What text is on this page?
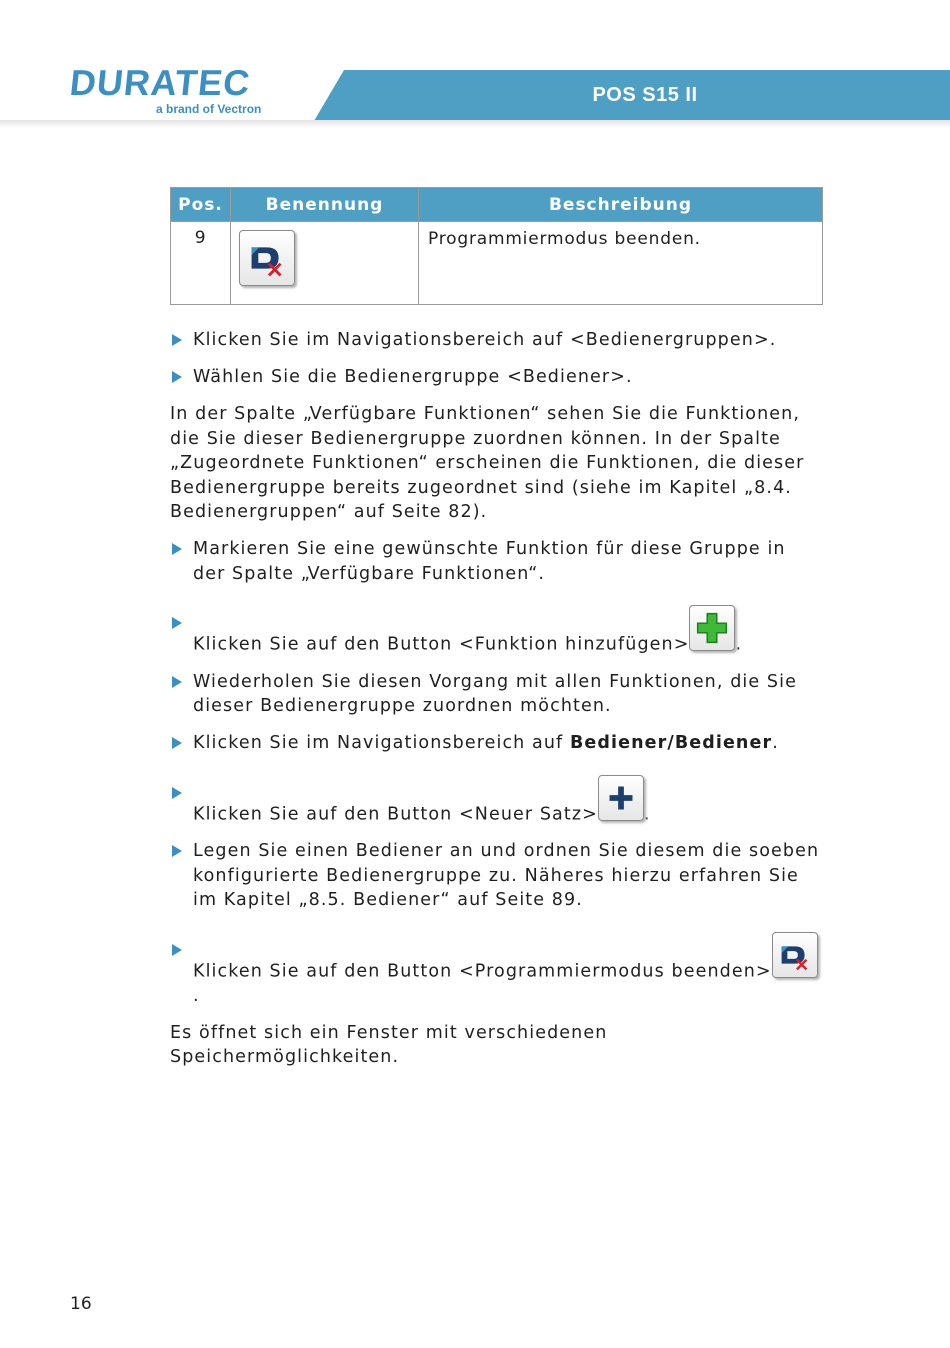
DURATEC
a brand of Vectron
POS S15 II
Pos.	Benennung	Beschreibung
9		Programmiermodus beenden.
Klicken Sie im Navigationsbereich auf <Bedienergruppen>.
Wählen Sie die Bedienergruppe <Bediener>.

In der Spalte „Verfügbare Funktionen“ sehen Sie die Funktionen, die Sie dieser Bedienergruppe zuordnen können. In der Spalte „Zugeordnete Funktionen“ erscheinen die Funktionen, die dieser Bedienergruppe bereits zugeordnet sind (siehe im Kapitel „8.4. Bedienergruppen“ auf Seite 82).

Markieren Sie eine gewünschte Funktion für diese Gruppe in der Spalte „Verfügbare Funktionen“.
Klicken Sie auf den Button <Funktion hinzufügen>	.
Wiederholen Sie diesen Vorgang mit allen Funktionen, die Sie dieser Bedienergruppe zuordnen möchten.
Klicken Sie im Navigationsbereich auf Bediener/Bediener.
Klicken Sie auf den Button <Neuer Satz>	.
Legen Sie einen Bediener an und ordnen Sie diesem die soeben konfigurierte Bedienergruppe zu. Näheres hierzu erfahren Sie im Kapitel „8.5. Bediener“ auf Seite 89.
Klicken Sie auf den Button <Programmiermodus beenden>
.

Es öffnet sich ein Fenster mit verschiedenen Speichermöglichkeiten.

16
